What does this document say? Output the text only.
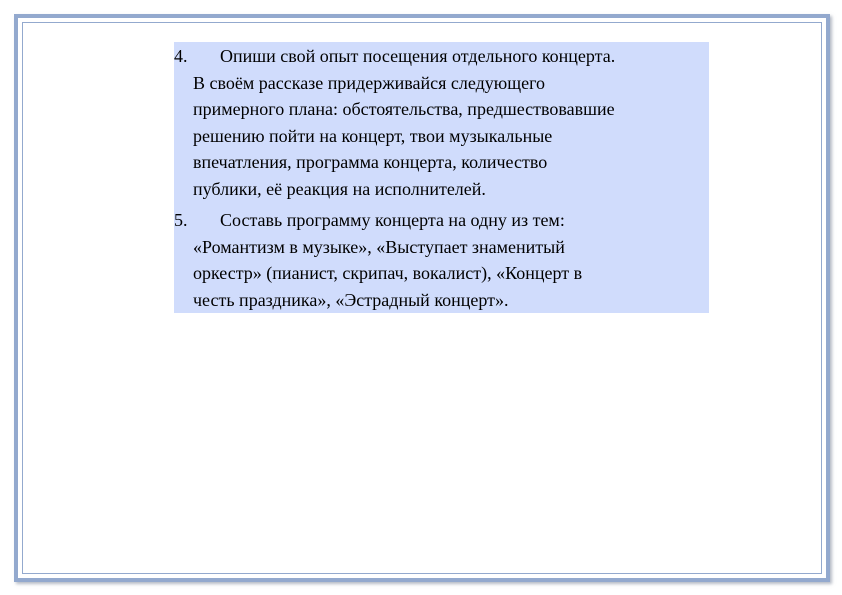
4.	Опиши свой опыт посещения отдельного концерта.
В своём рассказе придерживайся следующего
примерного плана: обстоятельства, предшествовавшие
решению пойти на концерт, твои музыкальные
впечатления, программа концерта, количество
публики, её реакция на исполнителей.
5.	Составь программу концерта на одну из тем:
«Романтизм в музыке», «Выступает знаменитый
оркестр» (пианист, скрипач, вокалист), «Концерт в
честь праздника», «Эстрадный концерт».
